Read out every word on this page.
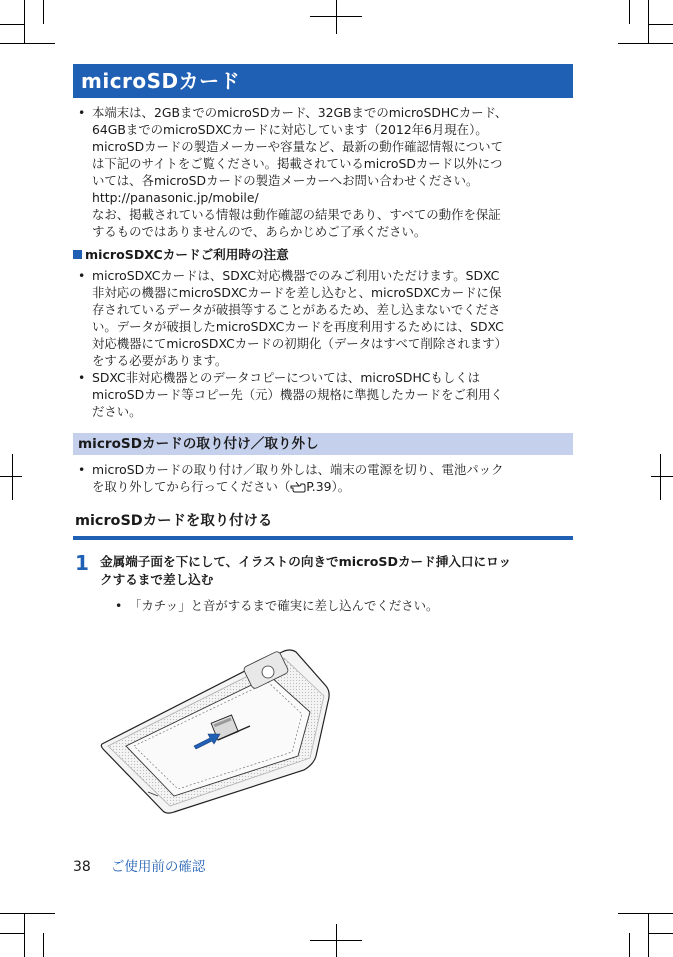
microSDカード
• 本端末は、2GBまでのmicroSDカード、32GBまでのmicroSDHCカード、
64GBまでのmicroSDXCカードに対応しています（2012年6月現在）。
microSDカードの製造メーカーや容量など、最新の動作確認情報について
は下記のサイトをご覧ください。掲載されているmicroSDカード以外につ
いては、各microSDカードの製造メーカーへお問い合わせください。
http://panasonic.jp/mobile/
なお、掲載されている情報は動作確認の結果であり、すべての動作を保証
するものではありませんので、あらかじめご了承ください。
microSDXCカードご利用時の注意
• microSDXCカードは、SDXC対応機器でのみご利用いただけます。SDXC
非対応の機器にmicroSDXCカードを差し込むと、microSDXCカードに保
存されているデータが破損等することがあるため、差し込まないでくださ
い。データが破損したmicroSDXCカードを再度利用するためには、SDXC
対応機器にてmicroSDXCカードの初期化（データはすべて削除されます）
をする必要があります。
• SDXC非対応機器とのデータコピーについては、microSDHCもしくは
microSDカード等コピー先（元）機器の規格に準拠したカードをご利用く
ださい。
microSDカードの取り付け／取り外し
• microSDカードの取り付け／取り外しは、端末の電源を切り、電池パック
を取り外してから行ってください（ P.39）。
microSDカードを取り付ける
1 金属端子面を下にして、イラストの向きでmicroSDカード挿入口にロッ
クするまで差し込む
• 「カチッ」と音がするまで確実に差し込んでください。
38 ご使用前の確認
